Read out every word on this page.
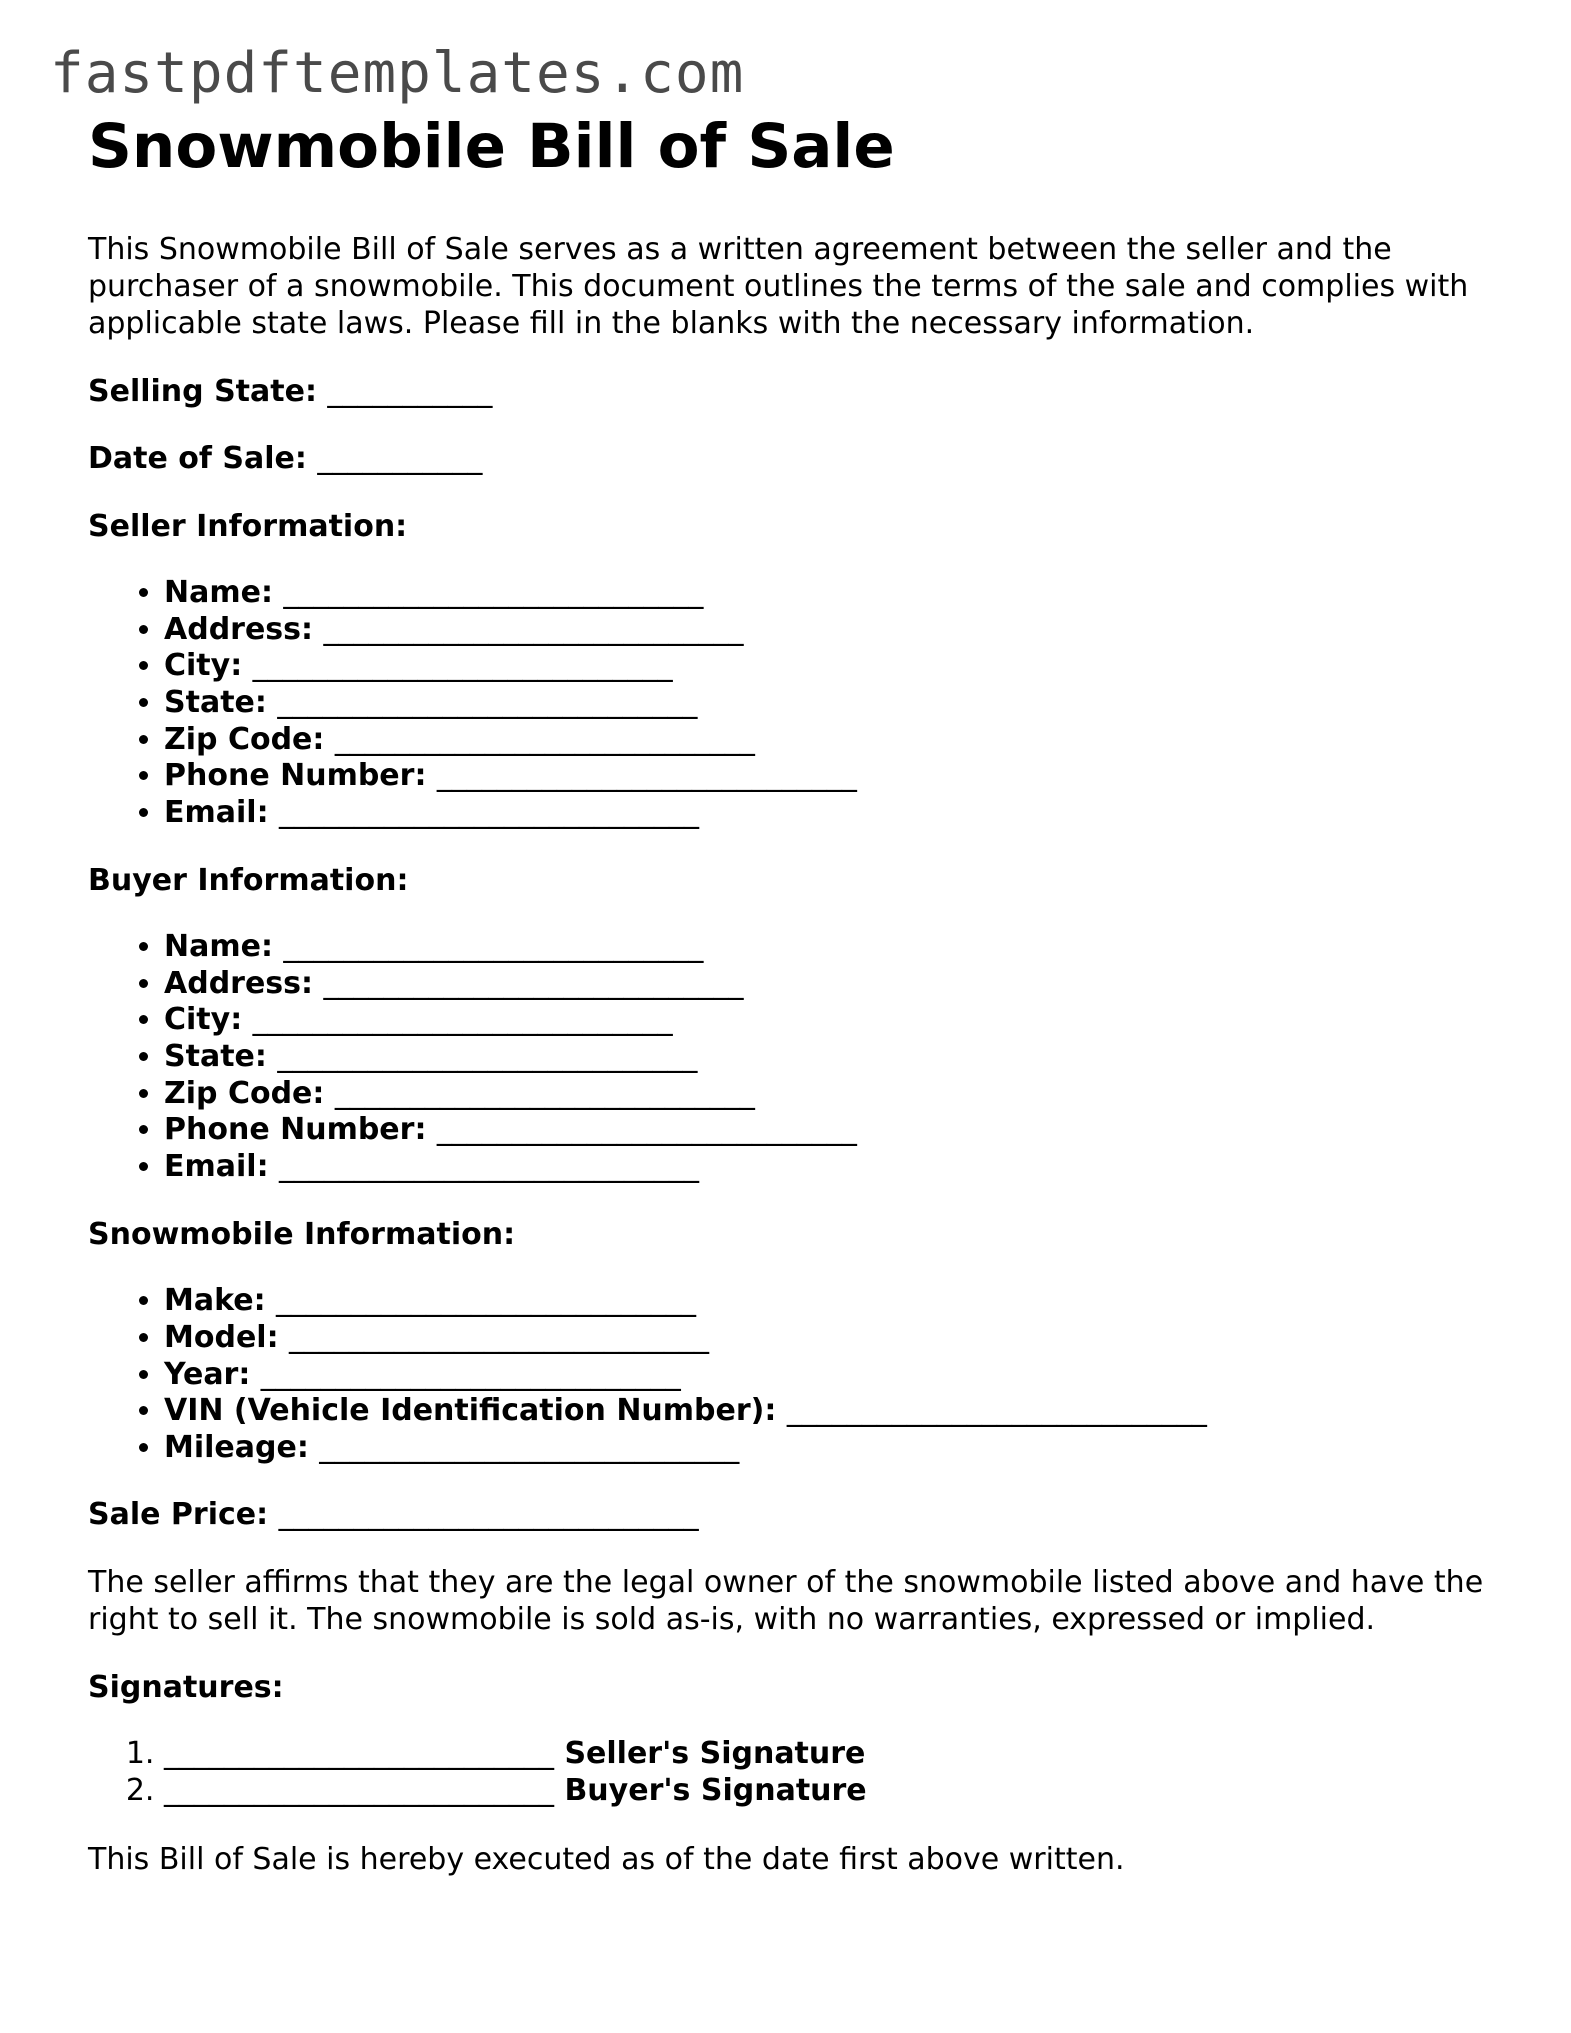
fastpdftemplates.com
Snowmobile Bill of Sale

This Snowmobile Bill of Sale serves as a written agreement between the seller and the purchaser of a snowmobile. This document outlines the terms of the sale and complies with applicable state laws. Please fill in the blanks with the necessary information.

Selling State: ___________
Date of Sale: ___________
Seller Information:
• Name: ____________________________
• Address: ____________________________
• City: ____________________________
• State: ____________________________
• Zip Code: ____________________________
• Phone Number: ____________________________
• Email: ____________________________
Buyer Information:
• Name: ____________________________
• Address: ____________________________
• City: ____________________________
• State: ____________________________
• Zip Code: ____________________________
• Phone Number: ____________________________
• Email: ____________________________
Snowmobile Information:
• Make: ____________________________
• Model: ____________________________
• Year: ____________________________
• VIN (Vehicle Identification Number): ____________________________
• Mileage: ____________________________
Sale Price: ____________________________

The seller affirms that they are the legal owner of the snowmobile listed above and have the right to sell it. The snowmobile is sold as-is, with no warranties, expressed or implied.

Signatures:
1. __________________________ Seller's Signature
2. __________________________ Buyer's Signature

This Bill of Sale is hereby executed as of the date first above written.
